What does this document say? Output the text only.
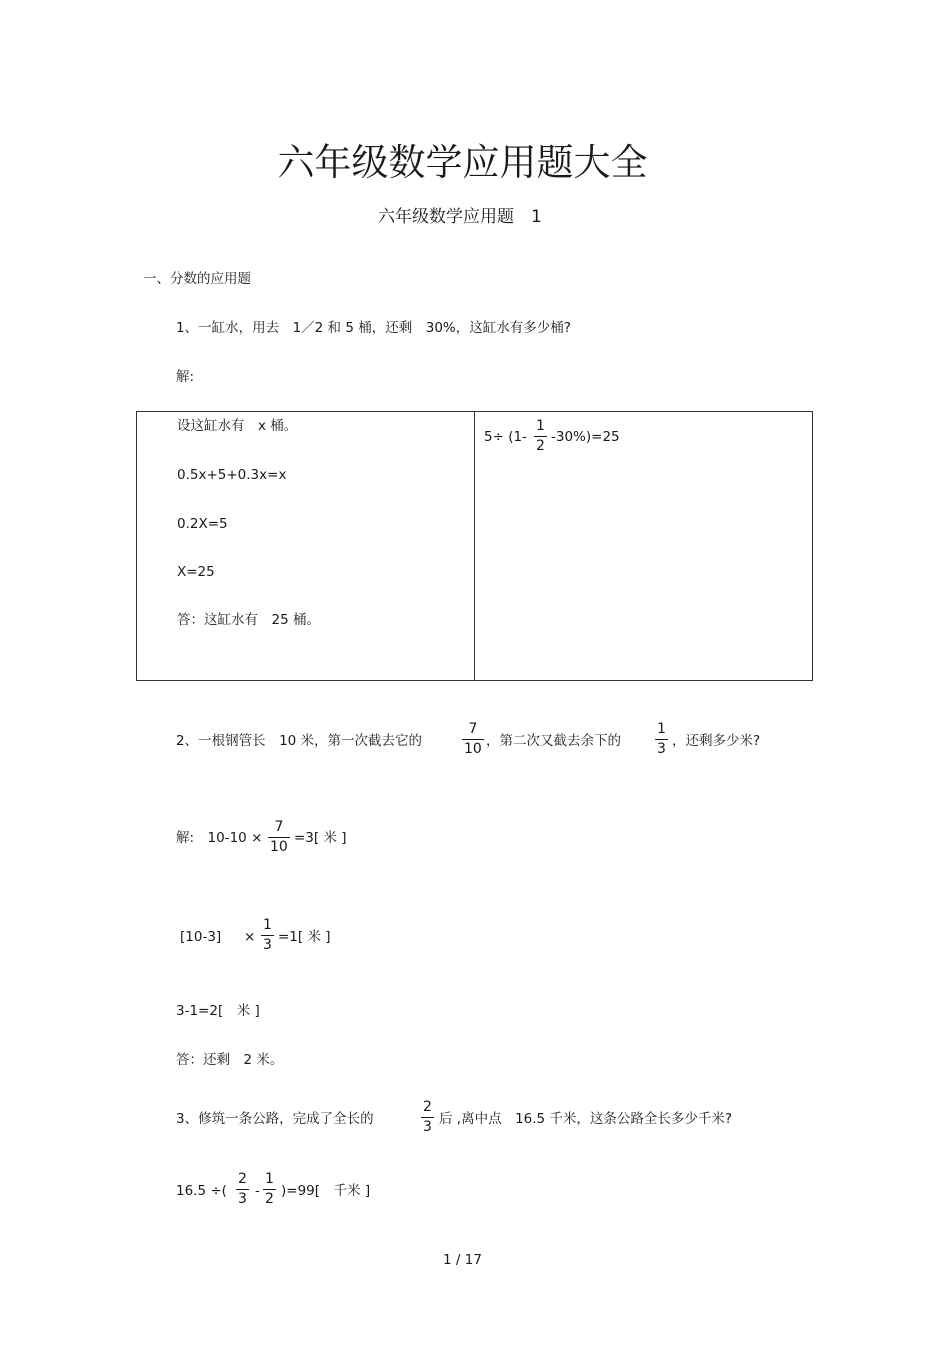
六年级数学应用题大全
六年级数学应用题　1
一、分数的应用题
1、一缸水，用去　1／2 和 5 桶，还剩　30%，这缸水有多少桶?
解:
设这缸水有　x 桶。
0.5x+5+0.3x=x
0.2X=5
X=25
答：这缸水有　25 桶。
5÷ (1-
1
2
-30%)=25
2、一根钢管长　10 米，第一次截去它的
7
10 ，第二次又截去余下的
1
3 ，还剩多少米?
解:　10-10 ×
7
10
=3[ 米 ]
[10-3] ×
1
3 =1[ 米 ]
3-1=2[　米 ]
答：还剩　2 米。
3、修筑一条公路，完成了全长的
2
3 后 ,离中点　16.5 千米，这条公路全长多少千米?
16.5 ÷(
2
3 -
1
2 )=99[　千米 ]
1 / 17
